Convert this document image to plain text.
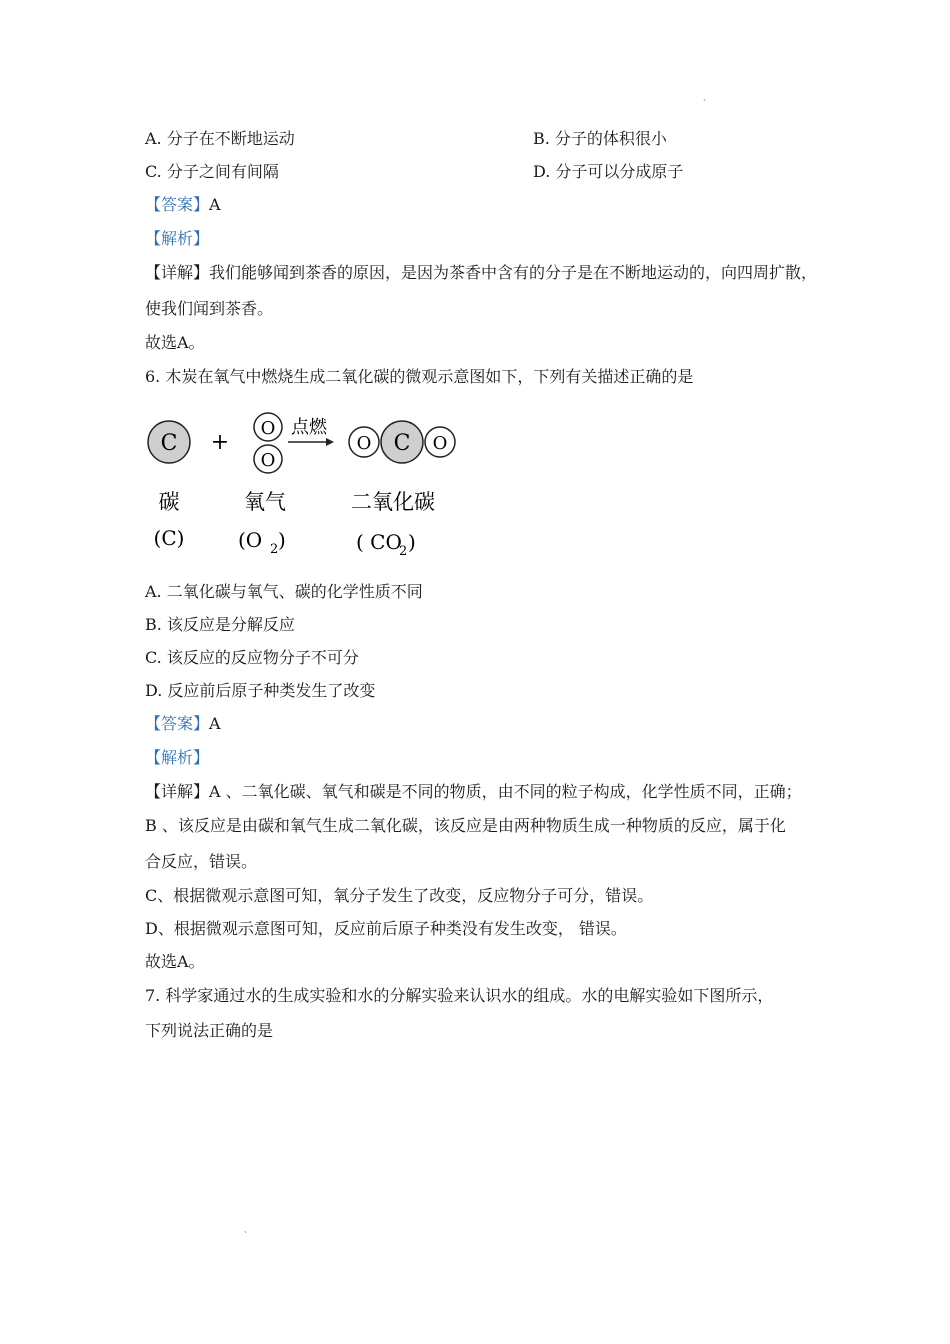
、
A. 分子在不断地运动	B. 分子的体积很小
C. 分子之间有间隔	D. 分子可以分成原子
【答案】A
【解析】
【详解】我们能够闻到茶香的原因，是因为茶香中含有的分子是在不断地运动的，向四周扩散，
使我们闻到茶香。
故选A。
6. 木炭在氧气中燃烧生成二氧化碳的微观示意图如下，下列有关描述正确的是
C +
O
O
点燃
O	O
C
碳	氧气	二氧化碳
(C)	(O 2 )	( CO
2 )
A. 二氧化碳与氧气、碳的化学性质不同
B. 该反应是分解反应
C. 该反应的反应物分子不可分
D. 反应前后原子种类发生了改变
【答案】A
【解析】
【详解】A 、二氧化碳、氧气和碳是不同的物质，由不同的粒子构成，化学性质不同，正确；
B 、该反应是由碳和氧气生成二氧化碳，该反应是由两种物质生成一种物质的反应，属于化
合反应，错误。
C、根据微观示意图可知，氧分子发生了改变，反应物分子可分，错误。
D、根据微观示意图可知，反应前后原子种类没有发生改变， 错误。
故选A。
7. 科学家通过水的生成实验和水的分解实验来认识水的组成。水的电解实验如下图所示，
下列说法正确的是
、
